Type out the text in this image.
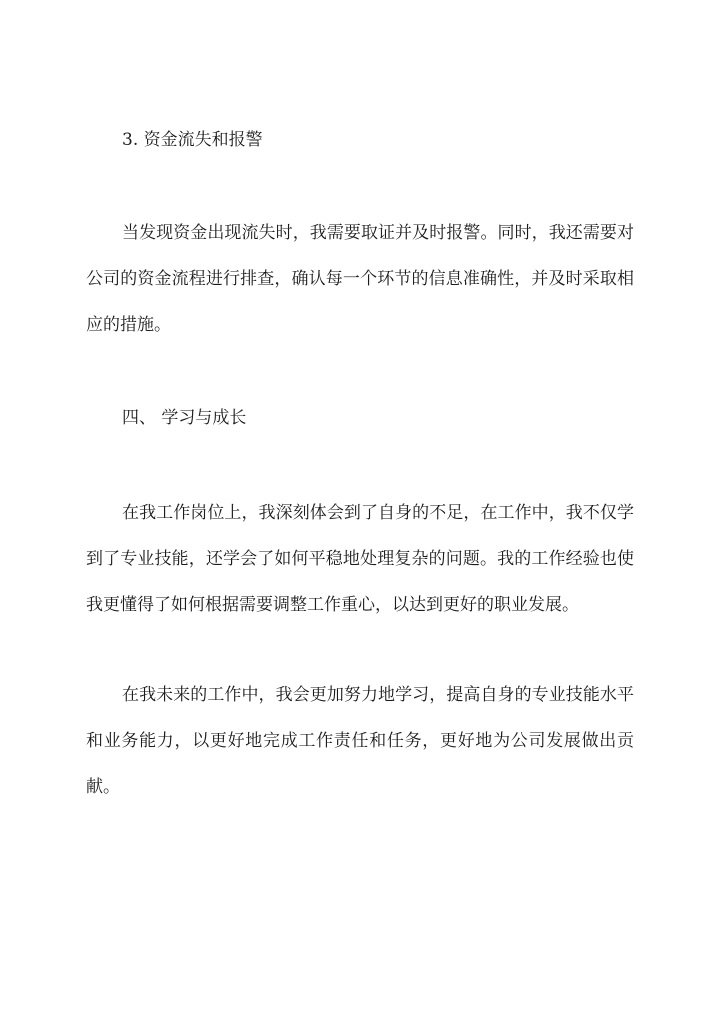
3. 资金流失和报警
当发现资金出现流失时，我需要取证并及时报警。同时，我还需要对公司的资金流程进行排查，确认每一个环节的信息准确性，并及时采取相应的措施。
四、 学习与成长
在我工作岗位上，我深刻体会到了自身的不足，在工作中，我不仅学到了专业技能，还学会了如何平稳地处理复杂的问题。我的工作经验也使我更懂得了如何根据需要调整工作重心，以达到更好的职业发展。
在我未来的工作中，我会更加努力地学习，提高自身的专业技能水平和业务能力，以更好地完成工作责任和任务，更好地为公司发展做出贡献。
